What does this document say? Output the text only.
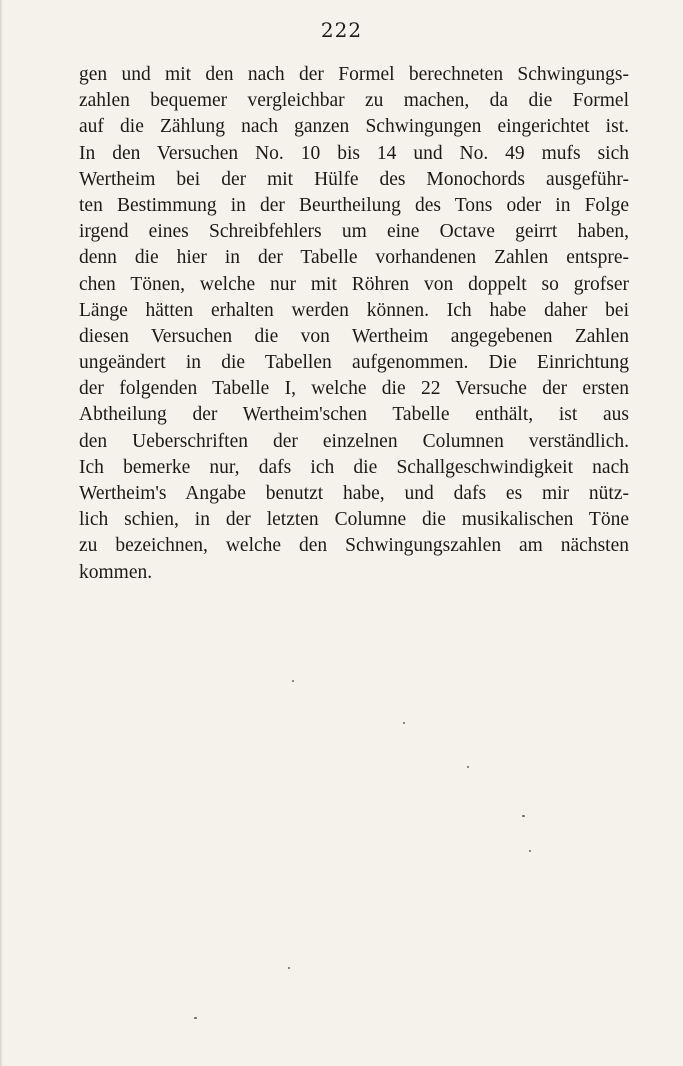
222
gen und mit den nach der Formel berechneten Schwingungs-
zahlen bequemer vergleichbar zu machen, da die Formel
auf die Zählung nach ganzen Schwingungen eingerichtet ist.
In den Versuchen No. 10 bis 14 und No. 49 mufs sich
Wertheim bei der mit Hülfe des Monochords ausgeführ-
ten Bestimmung in der Beurtheilung des Tons oder in Folge
irgend eines Schreibfehlers um eine Octave geirrt haben,
denn die hier in der Tabelle vorhandenen Zahlen entspre-
chen Tönen, welche nur mit Röhren von doppelt so grofser
Länge hätten erhalten werden können. Ich habe daher bei
diesen Versuchen die von Wertheim angegebenen Zahlen
ungeändert in die Tabellen aufgenommen. Die Einrichtung
der folgenden Tabelle I, welche die 22 Versuche der ersten
Abtheilung der Wertheim'schen Tabelle enthält, ist aus
den Ueberschriften der einzelnen Columnen verständlich.
Ich bemerke nur, dafs ich die Schallgeschwindigkeit nach
Wertheim's Angabe benutzt habe, und dafs es mir nütz-
lich schien, in der letzten Columne die musikalischen Töne
zu bezeichnen, welche den Schwingungszahlen am nächsten
kommen.
